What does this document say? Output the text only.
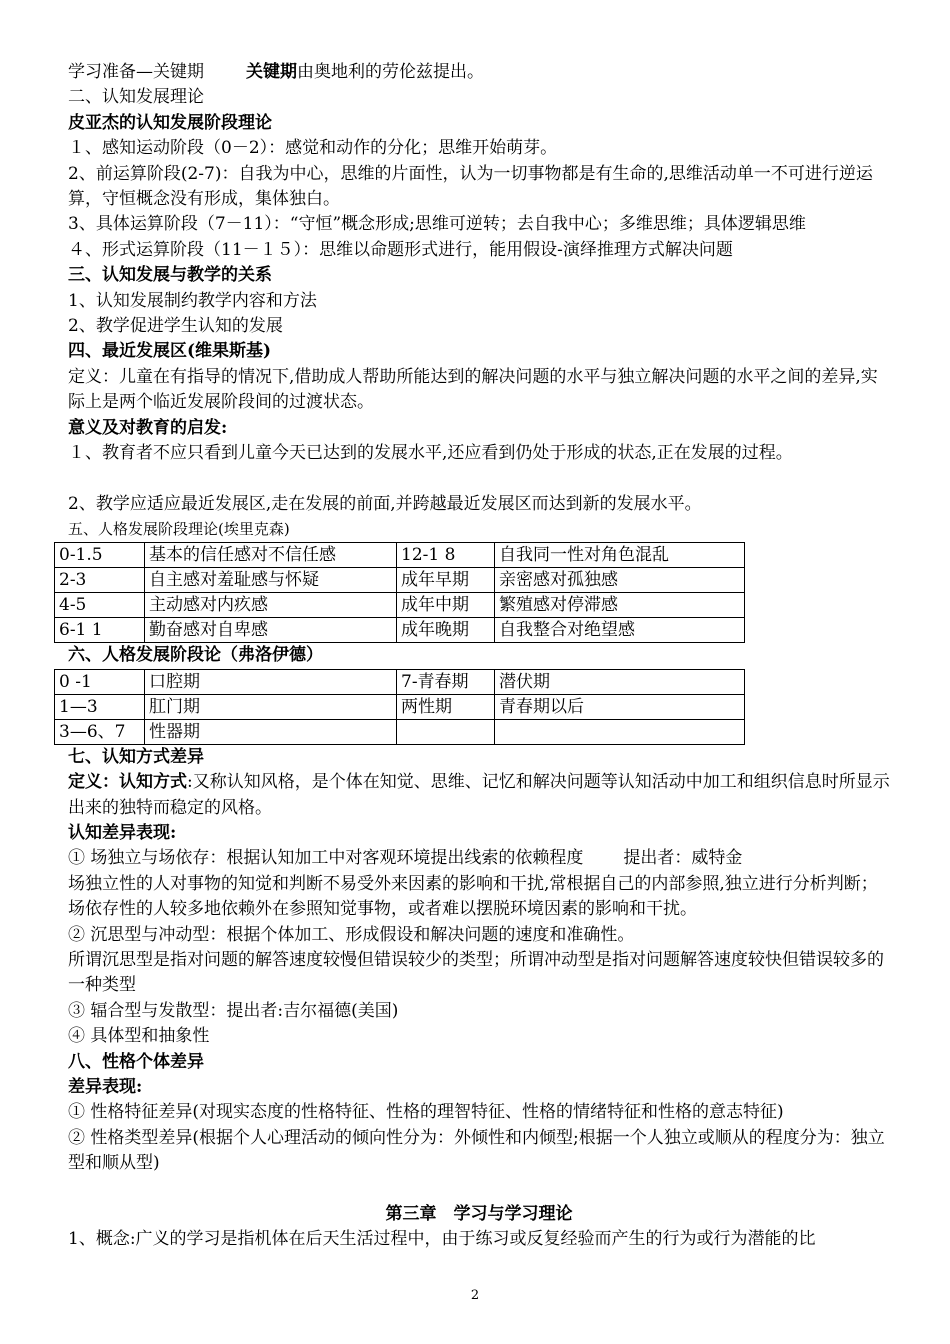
学习准备—关键期 关键期由奥地利的劳伦兹提出。
二、认知发展理论
皮亚杰的认知发展阶段理论
１、感知运动阶段（0－2）：感觉和动作的分化；思维开始萌芽。
2、前运算阶段(2-7)：自我为中心，思维的片面性，认为一切事物都是有生命的,思维活动单一不可进行逆运算，守恒概念没有形成，集体独白。
3、具体运算阶段（7－11）：“守恒”概念形成;思维可逆转；去自我中心；多维思维；具体逻辑思维
４、形式运算阶段（11－１５）：思维以命题形式进行，能用假设-演绎推理方式解决问题
三、认知发展与教学的关系
1、认知发展制约教学内容和方法
2、教学促进学生认知的发展
四、最近发展区(维果斯基)
定义：儿童在有指导的情况下,借助成人帮助所能达到的解决问题的水平与独立解决问题的水平之间的差异,实际上是两个临近发展阶段间的过渡状态。
意义及对教育的启发:
１、教育者不应只看到儿童今天已达到的发展水平,还应看到仍处于形成的状态,正在发展的过程。
2、教学应适应最近发展区,走在发展的前面,并跨越最近发展区而达到新的发展水平。
五、人格发展阶段理论(埃里克森)
0-1.5	基本的信任感对不信任感	12-1 8	自我同一性对角色混乱
2-3	自主感对羞耻感与怀疑	成年早期	亲密感对孤独感
4-5	主动感对内疚感	成年中期	繁殖感对停滞感
6-1 1	勤奋感对自卑感	成年晚期	自我整合对绝望感
六、人格发展阶段论（弗洛伊德）
0 -1	口腔期	7-青春期	潜伏期
1—3	肛门期	两性期	青春期以后
3—6、7	性器期		
七、认知方式差异
定义：认知方式:又称认知风格，是个体在知觉、思维、记忆和解决问题等认知活动中加工和组织信息时所显示出来的独特而稳定的风格。
认知差异表现:
① 场独立与场依存：根据认知加工中对客观环境提出线索的依赖程度 提出者：威特金
场独立性的人对事物的知觉和判断不易受外来因素的影响和干扰,常根据自己的内部参照,独立进行分析判断；场依存性的人较多地依赖外在参照知觉事物，或者难以摆脱环境因素的影响和干扰。
② 沉思型与冲动型：根据个体加工、形成假设和解决问题的速度和准确性。
所谓沉思型是指对问题的解答速度较慢但错误较少的类型；所谓冲动型是指对问题解答速度较快但错误较多的一种类型
③ 辐合型与发散型：提出者:吉尔福德(美国)
④ 具体型和抽象性
八、性格个体差异
差异表现:
① 性格特征差异(对现实态度的性格特征、性格的理智特征、性格的情绪特征和性格的意志特征)
② 性格类型差异(根据个人心理活动的倾向性分为：外倾性和内倾型;根据一个人独立或顺从的程度分为：独立型和顺从型)
第三章　学习与学习理论
1、概念:广义的学习是指机体在后天生活过程中，由于练习或反复经验而产生的行为或行为潜能的比
2
